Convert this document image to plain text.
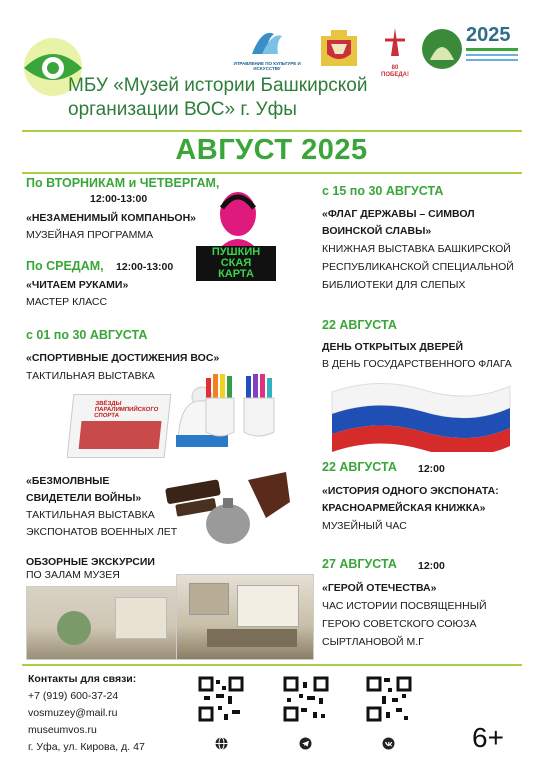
МБУ «Музей истории Башкирской
организации ВОС» г. Уфы
УПРАВЛЕНИЕ ПО КУЛЬТУРЕ И ИСКУССТВУ	80 ПОБЕДА!
2025
АВГУСТ 2025
По ВТОРНИКАМ и ЧЕТВЕРГАМ,
12:00-13:00
«НЕЗАМЕНИМЫЙ КОМПАНЬОН»
МУЗЕЙНАЯ ПРОГРАММА
По СРЕДАМ, 12:00-13:00
«ЧИТАЕМ РУКАМИ»
МАСТЕР КЛАСС
ПУШКИН
СКАЯ
КАРТА
с 01 по 30 АВГУСТА
«СПОРТИВНЫЕ ДОСТИЖЕНИЯ ВОС»
ТАКТИЛЬНАЯ ВЫСТАВКА
ЗВЁЗДЫ ПАРАЛИМПИЙСКОГО СПОРТА
«БЕЗМОЛВНЫЕ
СВИДЕТЕЛИ ВОЙНЫ»
ТАКТИЛЬНАЯ ВЫСТАВКА
ЭКСПОНАТОВ ВОЕННЫХ ЛЕТ
ОБЗОРНЫЕ ЭКСКУРСИИ
ПО ЗАЛАМ МУЗЕЯ
с 15 по 30 АВГУСТА
«ФЛАГ ДЕРЖАВЫ – СИМВОЛ
ВОИНСКОЙ СЛАВЫ»
КНИЖНАЯ ВЫСТАВКА БАШКИРСКОЙ
РЕСПУБЛИКАНСКОЙ СПЕЦИАЛЬНОЙ
БИБЛИОТЕКИ ДЛЯ СЛЕПЫХ
22 АВГУСТА
ДЕНЬ ОТКРЫТЫХ ДВЕРЕЙ
В ДЕНЬ ГОСУДАРСТВЕННОГО ФЛАГА
22 АВГУСТА 12:00
«ИСТОРИЯ ОДНОГО ЭКСПОНАТА:
КРАСНОАРМЕЙСКАЯ КНИЖКА»
МУЗЕЙНЫЙ ЧАС
27 АВГУСТА 12:00
«ГЕРОЙ ОТЕЧЕСТВА»
ЧАС ИСТОРИИ ПОСВЯЩЕННЫЙ
ГЕРОЮ СОВЕТСКОГО СОЮЗА
СЫРТЛАНОВОЙ М.Г
Контакты для связи:
+7 (919) 600-37-24
vosmuzey@mail.ru
museumvos.ru
г. Уфа, ул. Кирова, д. 47	6+
